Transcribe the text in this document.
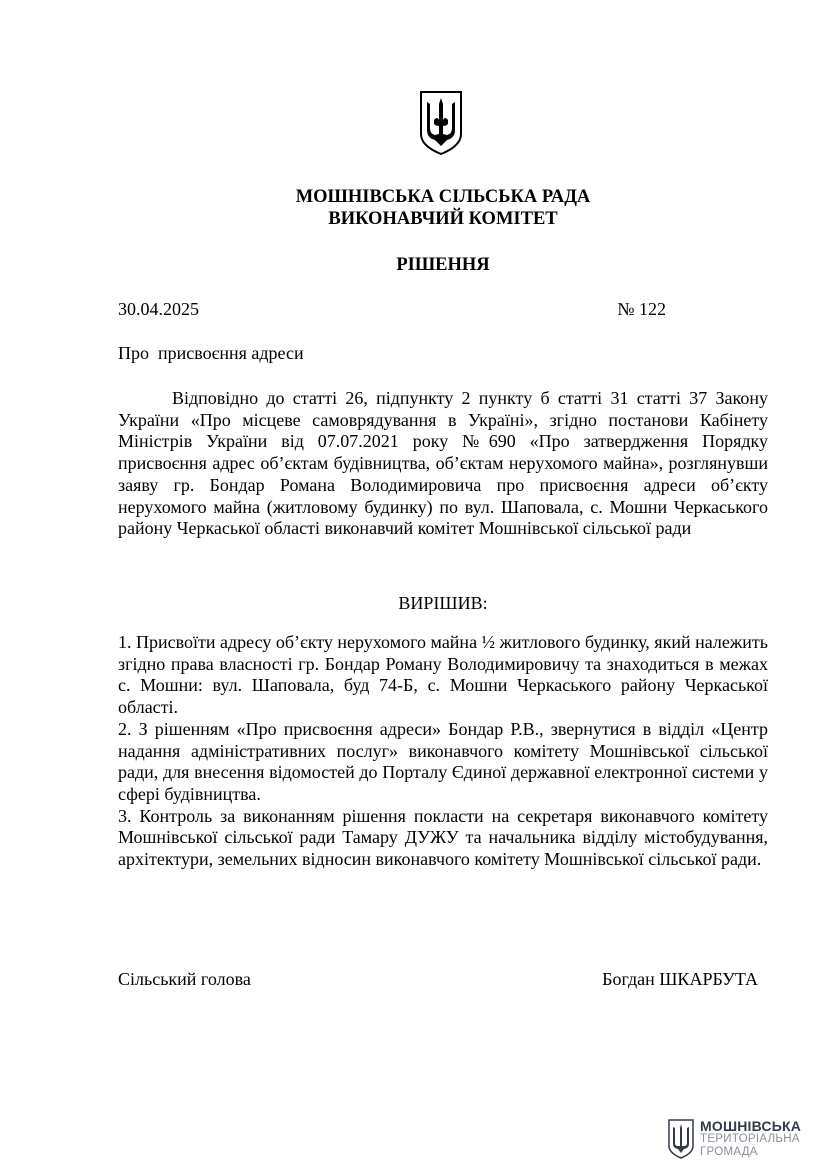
МОШНІВСЬКА СІЛЬСЬКА РАДА
ВИКОНАВЧИЙ КОМІТЕТ
РІШЕННЯ
30.04.2025	№ 122
Про  присвоєння адреси
Відповідно до статті 26, підпункту 2 пункту б статті 31 статті 37 Закону України «Про місцеве самоврядування в Україні», згідно постанови Кабінету Міністрів України від 07.07.2021 року №690 «Про затвердження Порядку присвоєння адрес об’єктам будівництва, об’єктам нерухомого майна», розглянувши заяву гр. Бондар Романа Володимировича про присвоєння адреси об’єкту нерухомого майна (житловому будинку) по вул. Шаповала, с. Мошни Черкаського району Черкаської області виконавчий комітет Мошнівської сільської ради
ВИРІШИВ:

1. Присвоїти адресу об’єкту нерухомого майна ½ житлового будинку, який належить згідно права власності гр. Бондар Роману Володимировичу та знаходиться в межах с. Мошни: вул. Шаповала, буд 74-Б, с. Мошни Черкаського району Черкаської області.

2. З рішенням «Про присвоєння адреси» Бондар Р.В., звернутися в відділ «Центр надання адміністративних послуг» виконавчого комітету Мошнівської сільської ради, для внесення відомостей до Порталу Єдиної державної електронної системи у сфері будівництва.

3. Контроль за виконанням рішення покласти на секретаря виконавчого комітету Мошнівської сільської ради Тамару ДУЖУ та начальника відділу містобудування, архітектури, земельних відносин виконавчого комітету Мошнівської сільської ради.

Сільський голова	Богдан ШКАРБУТА
МОШНІВСЬКА
ТЕРИТОРІАЛЬНА
ГРОМАДА
